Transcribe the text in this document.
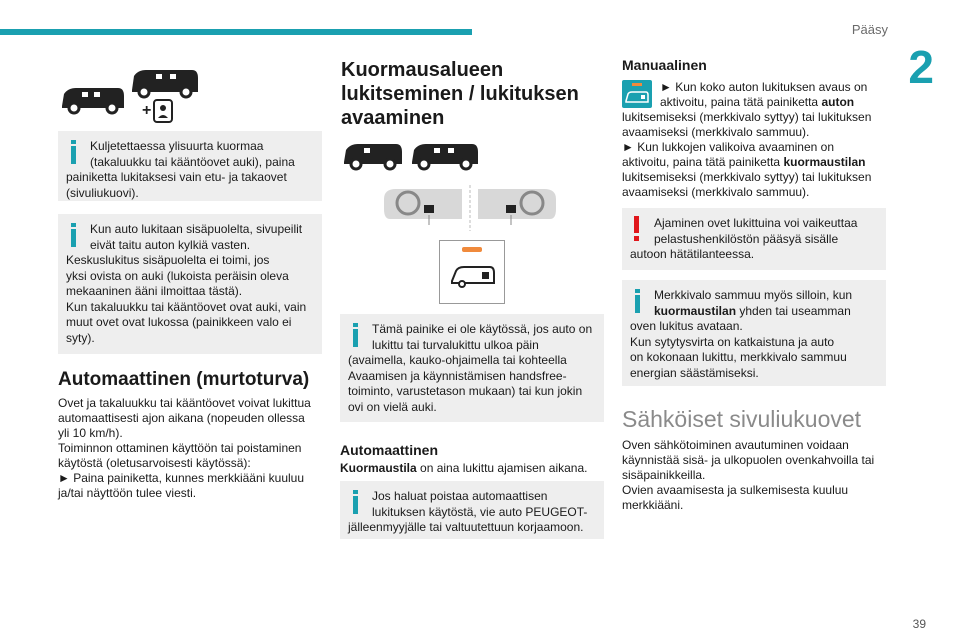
Pääsy
2
39
+
Kuljetettaessa ylisuurta kuormaa
(takaluukku tai kääntöovet auki), paina
painiketta lukitaksesi vain etu- ja takaovet
(sivuliukuovi).
Kun auto lukitaan sisäpuolelta, sivupeilit
eivät taitu auton kylkiä vasten.
Keskuslukitus sisäpuolelta ei toimi, jos
yksi ovista on auki (lukoista peräisin oleva
mekaaninen ääni ilmoittaa tästä).
Kun takaluukku tai kääntöovet ovat auki, vain
muut ovet ovat lukossa (painikkeen valo ei
syty).
Automaattinen (murtoturva)
Ovet ja takaluukku tai kääntöovet voivat lukittua
automaattisesti ajon aikana (nopeuden ollessa
yli 10 km/h).
Toiminnon ottaminen käyttöön tai poistaminen
käytöstä (oletusarvoisesti käytössä):
► Paina painiketta, kunnes merkkiääni kuuluu
ja/tai näyttöön tulee viesti.
Kuormausalueen
lukitseminen / lukituksen
avaaminen
Tämä painike ei ole käytössä, jos auto on
lukittu tai turvalukittu ulkoa päin
(avaimella, kauko-ohjaimella tai kohteella
Avaamisen ja käynnistämisen handsfree-
toiminto, varustetason mukaan) tai kun jokin
ovi on vielä auki.
Automaattinen
Kuormaustila on aina lukittu ajamisen aikana.
Jos haluat poistaa automaattisen
lukituksen käytöstä, vie auto PEUGEOT-
jälleenmyyjälle tai valtuutettuun korjaamoon.
Manuaalinen
► Kun koko auton lukituksen avaus on
aktivoitu, paina tätä painiketta auton
lukitsemiseksi (merkkivalo syttyy) tai lukituksen
avaamiseksi (merkkivalo sammuu).
► Kun lukkojen valikoiva avaaminen on
aktivoitu, paina tätä painiketta kuormaustilan
lukitsemiseksi (merkkivalo syttyy) tai lukituksen
avaamiseksi (merkkivalo sammuu).
Ajaminen ovet lukittuina voi vaikeuttaa
pelastushenkilöstön pääsyä sisälle
autoon hätätilanteessa.
Merkkivalo sammuu myös silloin, kun
kuormaustilan yhden tai useamman
oven lukitus avataan.
Kun sytytysvirta on katkaistuna ja auto
on kokonaan lukittu, merkkivalo sammuu
energian säästämiseksi.
Sähköiset sivuliukuovet
Oven sähkötoiminen avautuminen voidaan
käynnistää sisä- ja ulkopuolen ovenkahvoilla tai
sisäpainikkeilla.
Ovien avaamisesta ja sulkemisesta kuuluu
merkkiääni.
